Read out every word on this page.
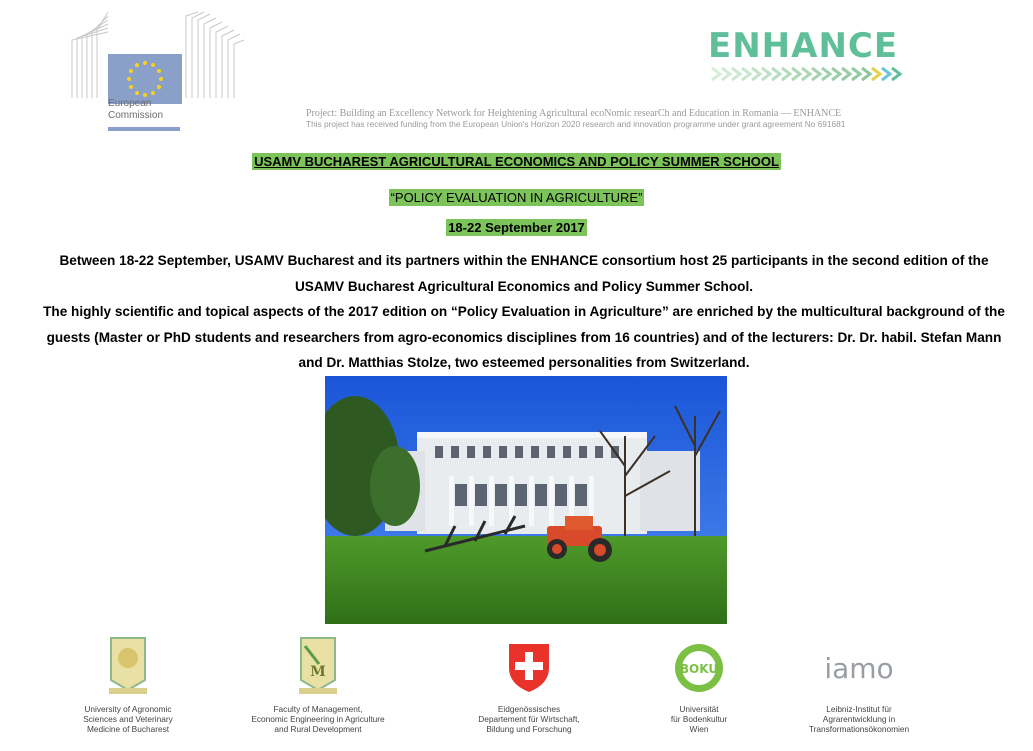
European
Commission
ENHANCE
Project: Building an Excellency Network for Heightening Agricultural ecoNomic researCh and Education in Romania — ENHANCE
This project has received funding from the European Union's Horizon 2020 research and innovation programme under grant agreement No 691681
USAMV BUCHAREST AGRICULTURAL ECONOMICS AND POLICY SUMMER SCHOOL
“POLICY EVALUATION IN AGRICULTURE”
18-22 September 2017

Between 18-22 September, USAMV Bucharest and its partners within the ENHANCE consortium host 25 participants in the second edition of the USAMV Bucharest Agricultural Economics and Policy Summer School.

The highly scientific and topical aspects of the 2017 edition on “Policy Evaluation in Agriculture” are enriched by the multicultural background of the guests (Master or PhD students and researchers from agro-economics disciplines from 16 countries) and of the lecturers: Dr. Dr. habil. Stefan Mann and Dr. Matthias Stolze, two esteemed personalities from Switzerland.

University of Agronomic
Sciences and Veterinary
Medicine of Bucharest
M
Faculty of Management,
Economic Engineering in Agriculture
and Rural Development
Eidgenössisches
Departement für Wirtschaft,
Bildung und Forschung
BOKU
Universität
für Bodenkultur
Wien
iamo
Leibniz-Institut für
Agrarentwicklung in
Transformationsökonomien
